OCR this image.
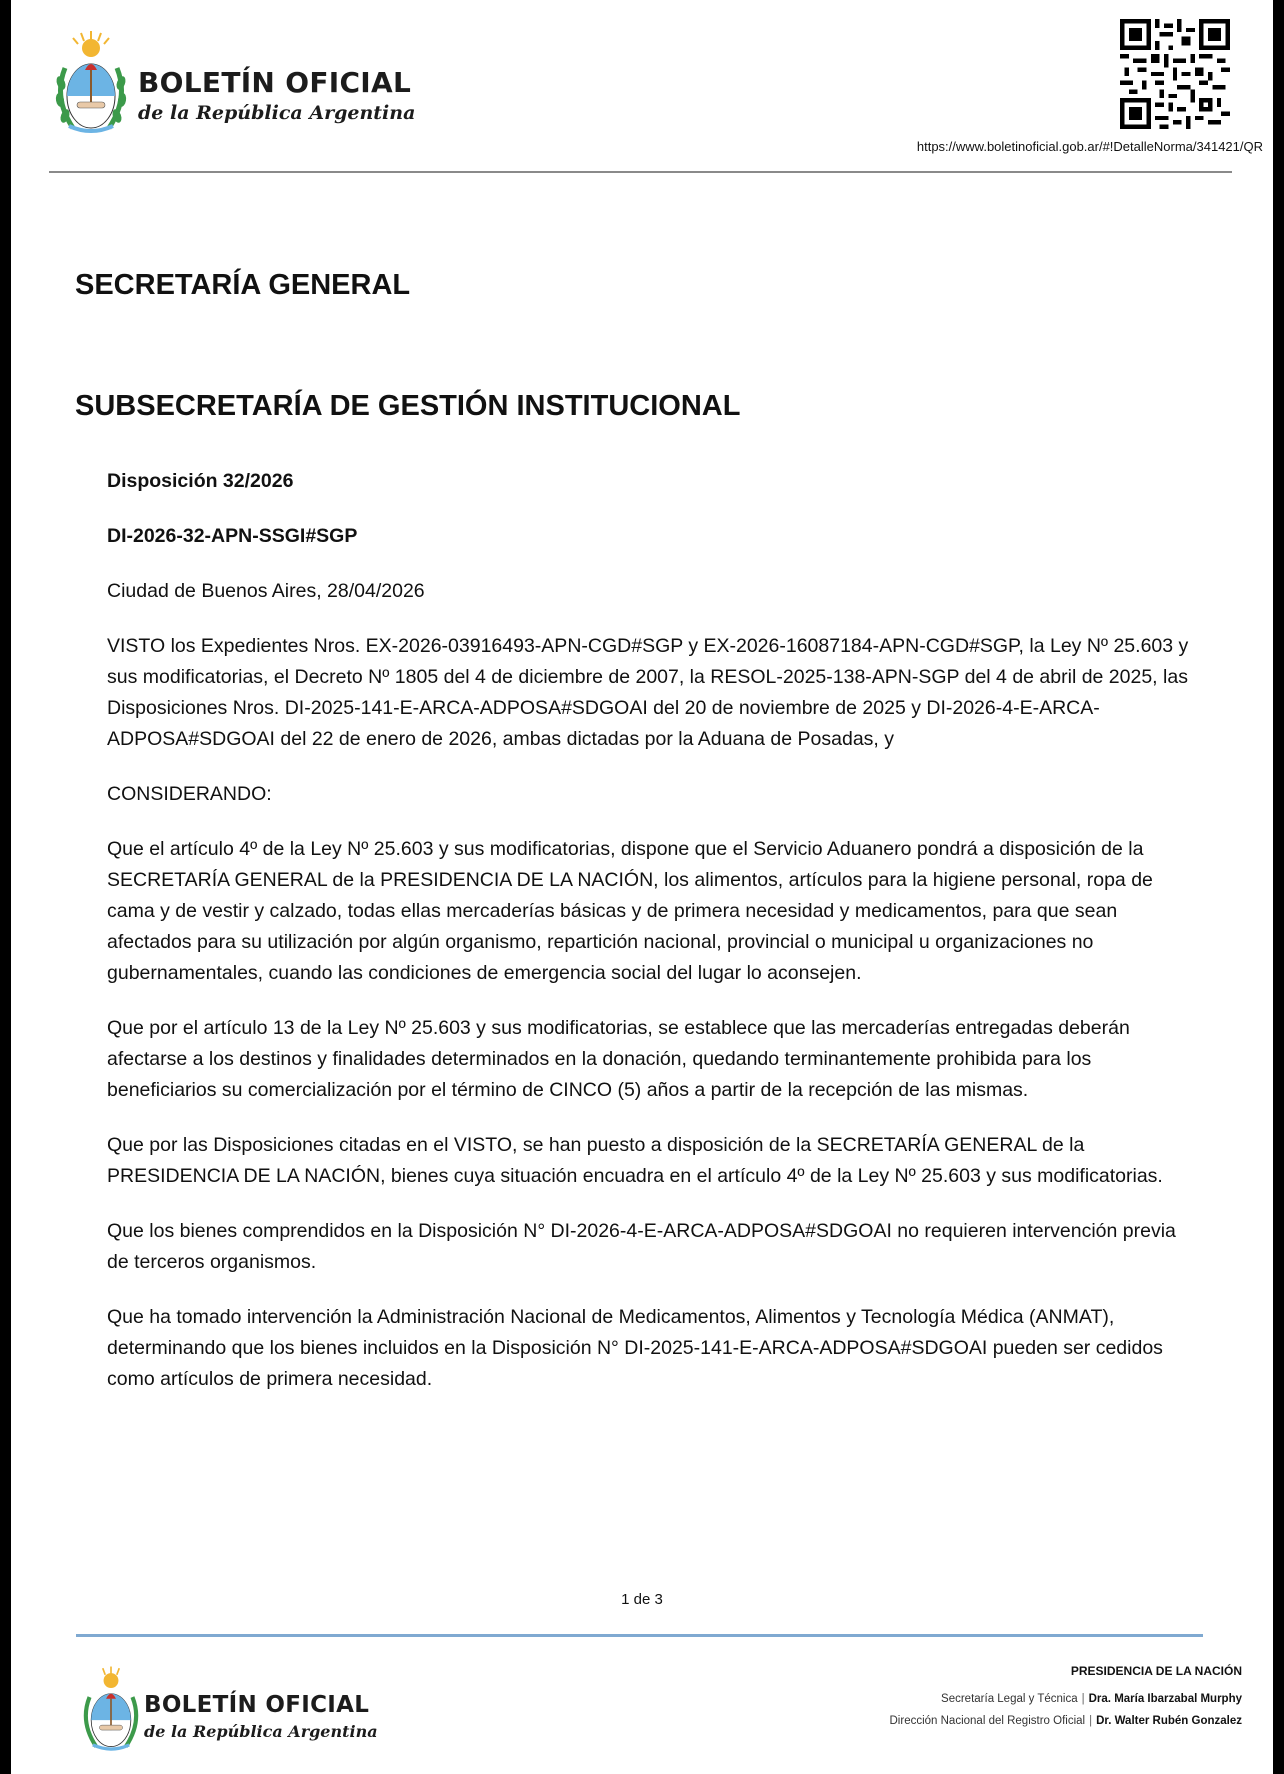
BOLETÍN OFICIAL
de la República Argentina
https://www.boletinoficial.gob.ar/#!DetalleNorma/341421/QR
SECRETARÍA GENERAL
SUBSECRETARÍA DE GESTIÓN INSTITUCIONAL

Disposición 32/2026

DI-2026-32-APN-SSGI#SGP

Ciudad de Buenos Aires, 28/04/2026

VISTO los Expedientes Nros. EX-2026-03916493-APN-CGD#SGP y EX-2026-16087184-APN-CGD#SGP, la Ley Nº 25.603 y sus modificatorias, el Decreto Nº 1805 del 4 de diciembre de 2007, la RESOL-2025-138-APN-SGP del 4 de abril de 2025, las Disposiciones Nros. DI-2025-141-E-ARCA-ADPOSA#SDGOAI del 20 de noviembre de 2025 y DI-2026-4-E-ARCA-ADPOSA#SDGOAI del 22 de enero de 2026, ambas dictadas por la Aduana de Posadas, y

CONSIDERANDO:

Que el artículo 4º de la Ley Nº 25.603 y sus modificatorias, dispone que el Servicio Aduanero pondrá a disposición de la SECRETARÍA GENERAL de la PRESIDENCIA DE LA NACIÓN, los alimentos, artículos para la higiene personal, ropa de cama y de vestir y calzado, todas ellas mercaderías básicas y de primera necesidad y medicamentos, para que sean afectados para su utilización por algún organismo, repartición nacional, provincial o municipal u organizaciones no gubernamentales, cuando las condiciones de emergencia social del lugar lo aconsejen.

Que por el artículo 13 de la Ley Nº 25.603 y sus modificatorias, se establece que las mercaderías entregadas deberán afectarse a los destinos y finalidades determinados en la donación, quedando terminantemente prohibida para los beneficiarios su comercialización por el término de CINCO (5) años a partir de la recepción de las mismas.

Que por las Disposiciones citadas en el VISTO, se han puesto a disposición de la SECRETARÍA GENERAL de la PRESIDENCIA DE LA NACIÓN, bienes cuya situación encuadra en el artículo 4º de la Ley Nº 25.603 y sus modificatorias.

Que los bienes comprendidos en la Disposición N° DI-2026-4-E-ARCA-ADPOSA#SDGOAI no requieren intervención previa de terceros organismos.

Que ha tomado intervención la Administración Nacional de Medicamentos, Alimentos y Tecnología Médica (ANMAT), determinando que los bienes incluidos en la Disposición N° DI-2025-141-E-ARCA-ADPOSA#SDGOAI pueden ser cedidos como artículos de primera necesidad.

1 de 3
BOLETÍN OFICIAL
de la República Argentina
PRESIDENCIA DE LA NACIÓN
Secretaría Legal y Técnica | Dra. María Ibarzabal Murphy
Dirección Nacional del Registro Oficial | Dr. Walter Rubén Gonzalez
